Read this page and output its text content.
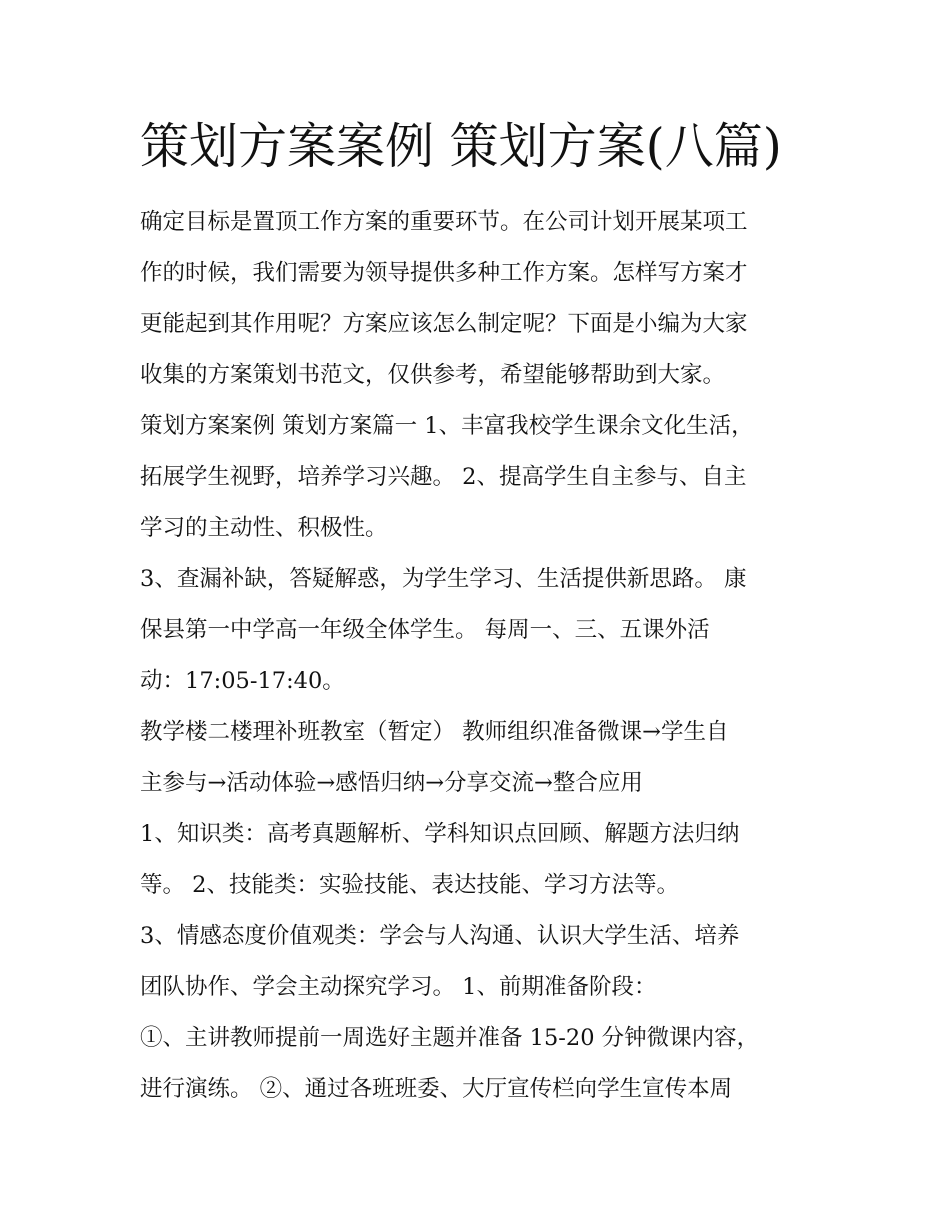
策划方案案例 策划方案(八篇)
确定目标是置顶工作方案的重要环节。在公司计划开展某项工
作的时候，我们需要为领导提供多种工作方案。怎样写方案才
更能起到其作用呢？方案应该怎么制定呢？下面是小编为大家
收集的方案策划书范文，仅供参考，希望能够帮助到大家。
策划方案案例 策划方案篇一 1、丰富我校学生课余文化生活，
拓展学生视野，培养学习兴趣。 2、提高学生自主参与、自主
学习的主动性、积极性。
3、查漏补缺，答疑解惑，为学生学习、生活提供新思路。 康
保县第一中学高一年级全体学生。 每周一、三、五课外活
动：17:05-17:40。
教学楼二楼理补班教室（暂定） 教师组织准备微课→学生自
主参与→活动体验→感悟归纳→分享交流→整合应用
1、知识类：高考真题解析、学科知识点回顾、解题方法归纳
等。 2、技能类：实验技能、表达技能、学习方法等。
3、情感态度价值观类：学会与人沟通、认识大学生活、培养
团队协作、学会主动探究学习。 1、前期准备阶段：
①、主讲教师提前一周选好主题并准备 15-20 分钟微课内容，
进行演练。 ②、通过各班班委、大厅宣传栏向学生宣传本周
